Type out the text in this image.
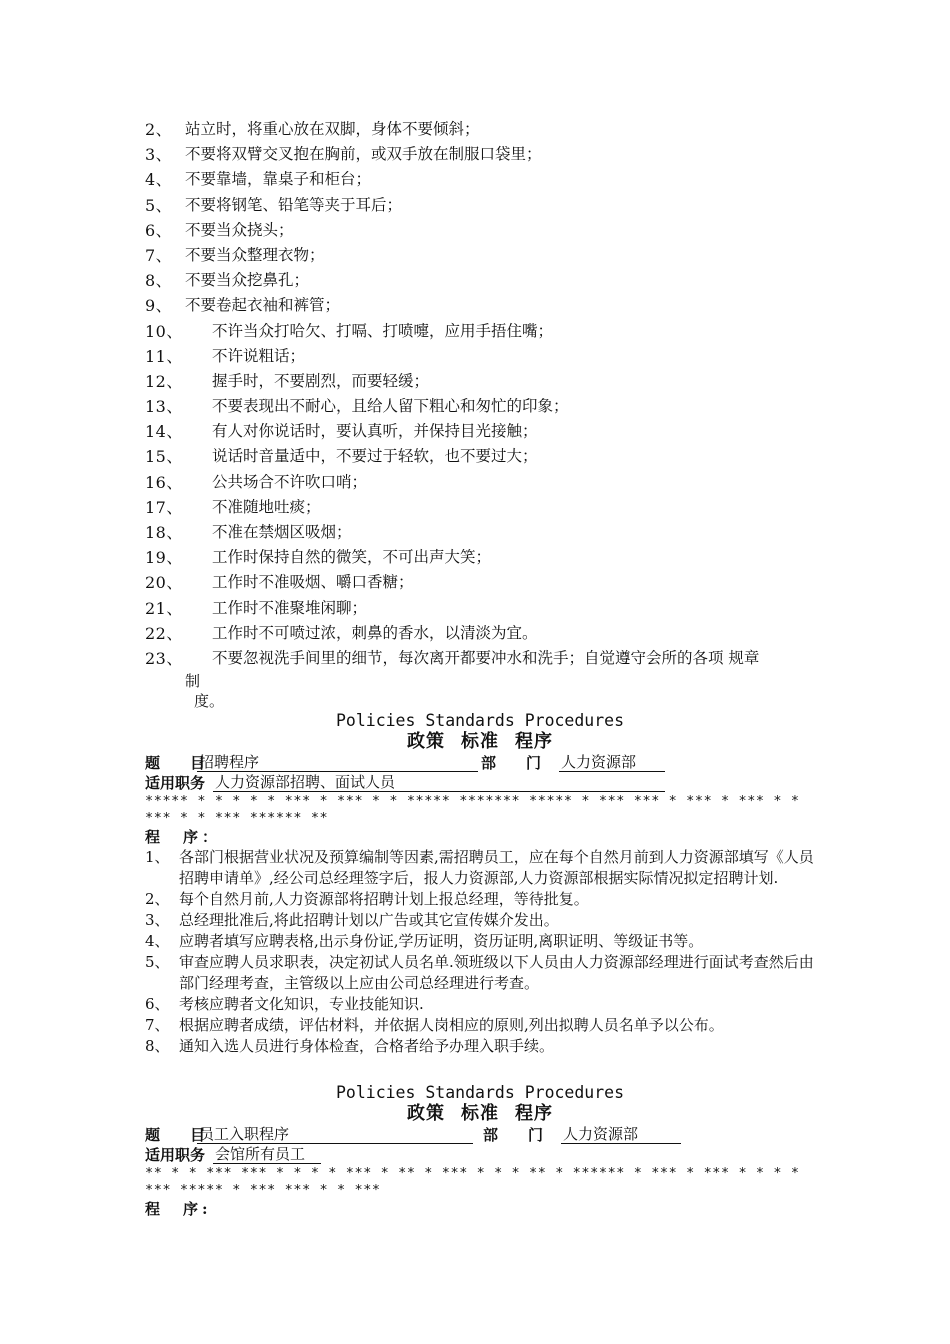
2、 站立时，将重心放在双脚，身体不要倾斜；
3、 不要将双臂交叉抱在胸前，或双手放在制服口袋里；
4、 不要靠墙，靠桌子和柜台；
5、 不要将钢笔、铅笔等夹于耳后；
6、 不要当众挠头；
7、 不要当众整理衣物；
8、 不要当众挖鼻孔；
9、 不要卷起衣袖和裤管；
10、	不许当众打哈欠、打嗝、打喷嚏，应用手捂住嘴；
11、	不许说粗话；
12、	握手时，不要剧烈，而要轻缓；
13、	不要表现出不耐心，且给人留下粗心和匆忙的印象；
14、	有人对你说话时，要认真听，并保持目光接触；
15、	说话时音量适中，不要过于轻软，也不要过大；
16、	公共场合不许吹口哨；
17、	不准随地吐痰；
18、	不准在禁烟区吸烟；
19、	工作时保持自然的微笑，不可出声大笑；
20、	工作时不准吸烟、嚼口香糖；
21、	工作时不准聚堆闲聊；
22、	工作时不可喷过浓，刺鼻的香水，以清淡为宜。
23、	不要忽视洗手间里的细节，每次离开都要冲水和洗手；自觉遵守会所的各项 规章
制
度。
Policies Standards Procedures
政策 标准 程序
题　　目
招聘程序	部　　门	人力资源部
适用职务 人力资源部招聘、面试人员
***** * * * * * *** * *** * * ***** ******* ***** * *** *** * *** * *** * **** * * *** ****** **
程　序：
1、 各部门根据营业状况及预算编制等因素,需招聘员工，应在每个自然月前到人力资源部填写《人员招聘申请单》,经公司总经理签字后，报人力资源部,人力资源部根据实际情况拟定招聘计划.
2、 每个自然月前,人力资源部将招聘计划上报总经理，等待批复。
3、 总经理批准后,将此招聘计划以广告或其它宣传媒介发出。
4、 应聘者填写应聘表格,出示身份证,学历证明，资历证明,离职证明、等级证书等。
5、 审查应聘人员求职表，决定初试人员名单.领班级以下人员由人力资源部经理进行面试考查然后由部门经理考查，主管级以上应由公司总经理进行考查。
6、 考核应聘者文化知识，专业技能知识.
7、 根据应聘者成绩，评估材料，并依据人岗相应的原则,列出拟聘人员名单予以公布。
8、 通知入选人员进行身体检查，合格者给予办理入职手续。
Policies Standards Procedures
政策 标准 程序
题　　目
员工入职程序	部　　门	人力资源部
适用职务 会馆所有员工
** * * *** *** * * * * *** * ** * *** * * * ** * ****** * *** * *** * * * * *** ***** * *** *** * * ***
程　序:
